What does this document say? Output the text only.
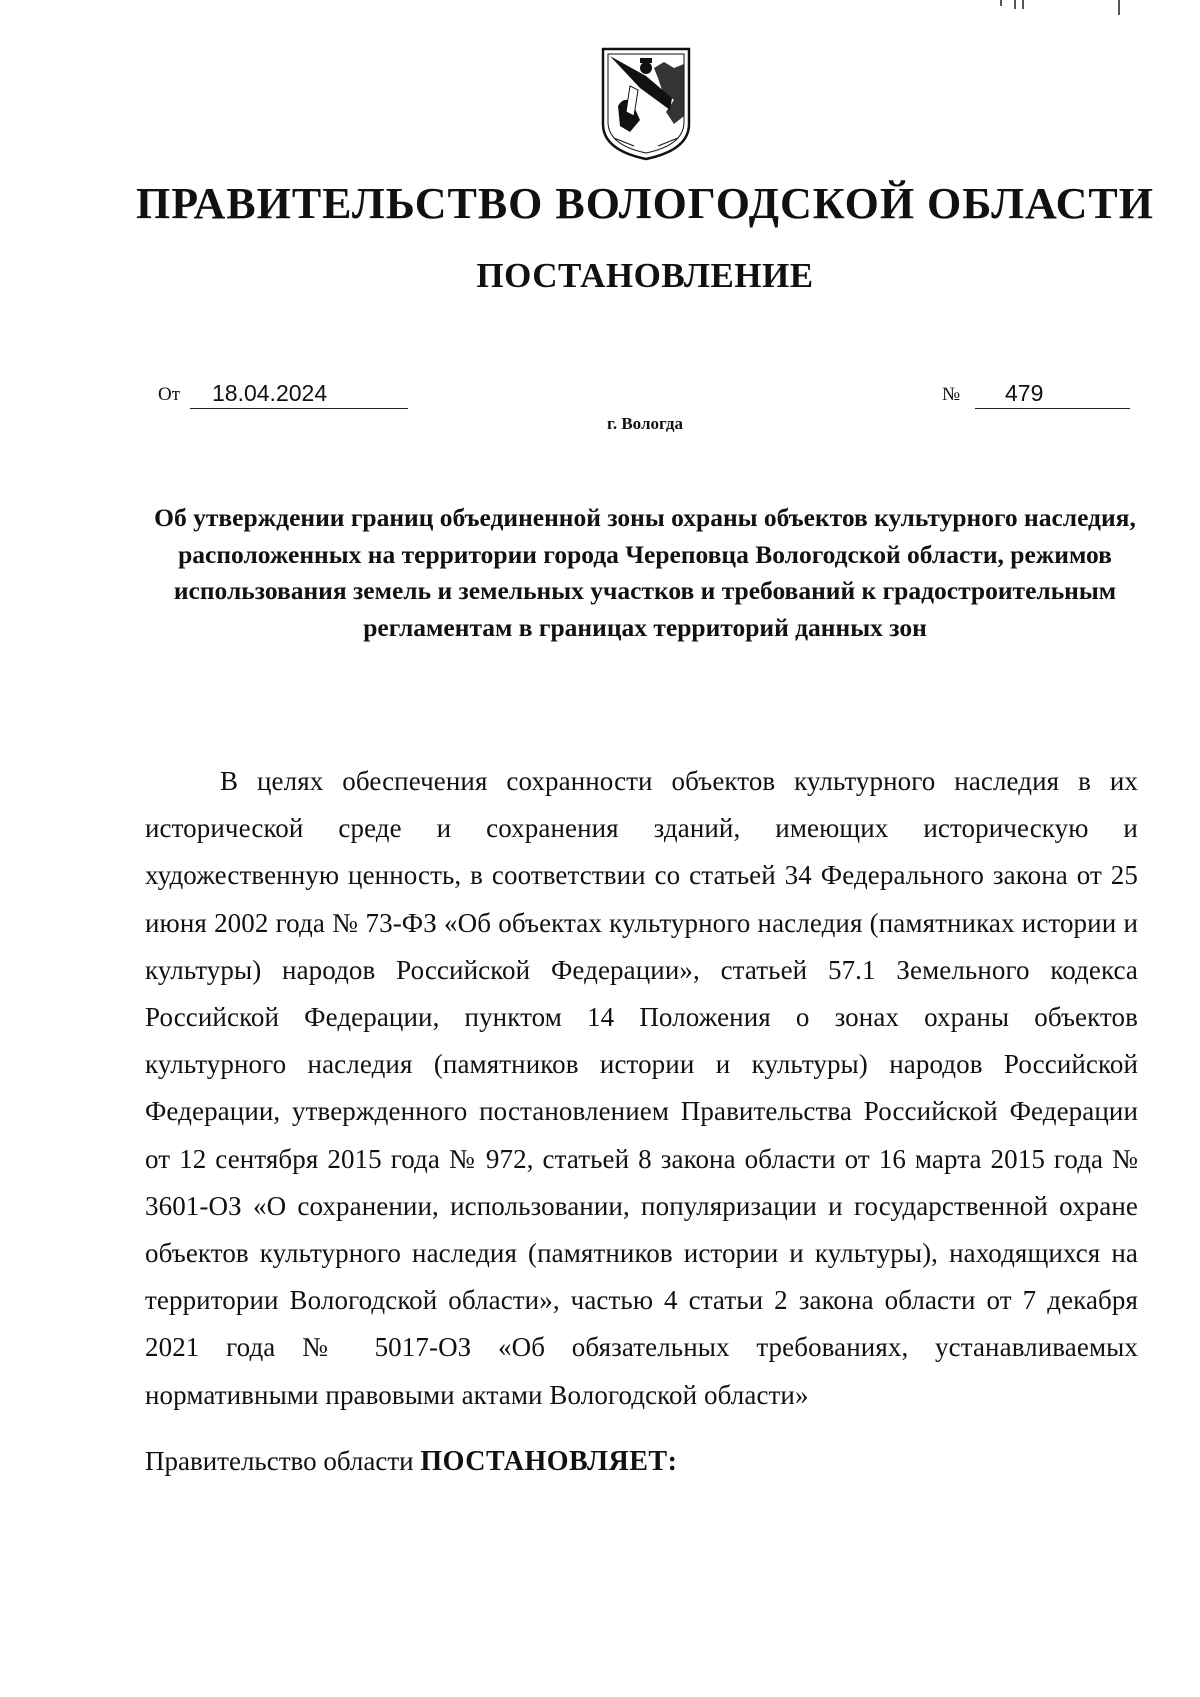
ПРАВИТЕЛЬСТВО ВОЛОГОДСКОЙ ОБЛАСТИ
ПОСТАНОВЛЕНИЕ
От	18.04.2024	№	479
г. Вологда

Об утверждении границ объединенной зоны охраны объектов культурного наследия, расположенных на территории города Череповца Вологодской области, режимов использования земель и земельных участков и требований к градостроительным регламентам в границах территорий данных зон

В целях обеспечения сохранности объектов культурного наследия в их исторической среде и сохранения зданий, имеющих историческую и художественную ценность, в соответствии со статьей 34 Федерального закона от 25 июня 2002 года № 73-ФЗ «Об объектах культурного наследия (памятниках истории и культуры) народов Российской Федерации», статьей 57.1 Земельного кодекса Российской Федерации, пунктом 14 Положения о зонах охраны объектов культурного наследия (памятников истории и культуры) народов Российской Федерации, утвержденного постановлением Правительства Российской Федерации от 12 сентября 2015 года № 972, статьей 8 закона области от 16 марта 2015 года № 3601-ОЗ «О сохранении, использовании, популяризации и государственной охране объектов культурного наследия (памятников истории и культуры), находящихся на территории Вологодской области», частью 4 статьи 2 закона области от 7 декабря 2021 года № 5017-ОЗ «Об обязательных требованиях, устанавливаемых нормативными правовыми актами Вологодской области»

Правительство области ПОСТАНОВЛЯЕТ:
